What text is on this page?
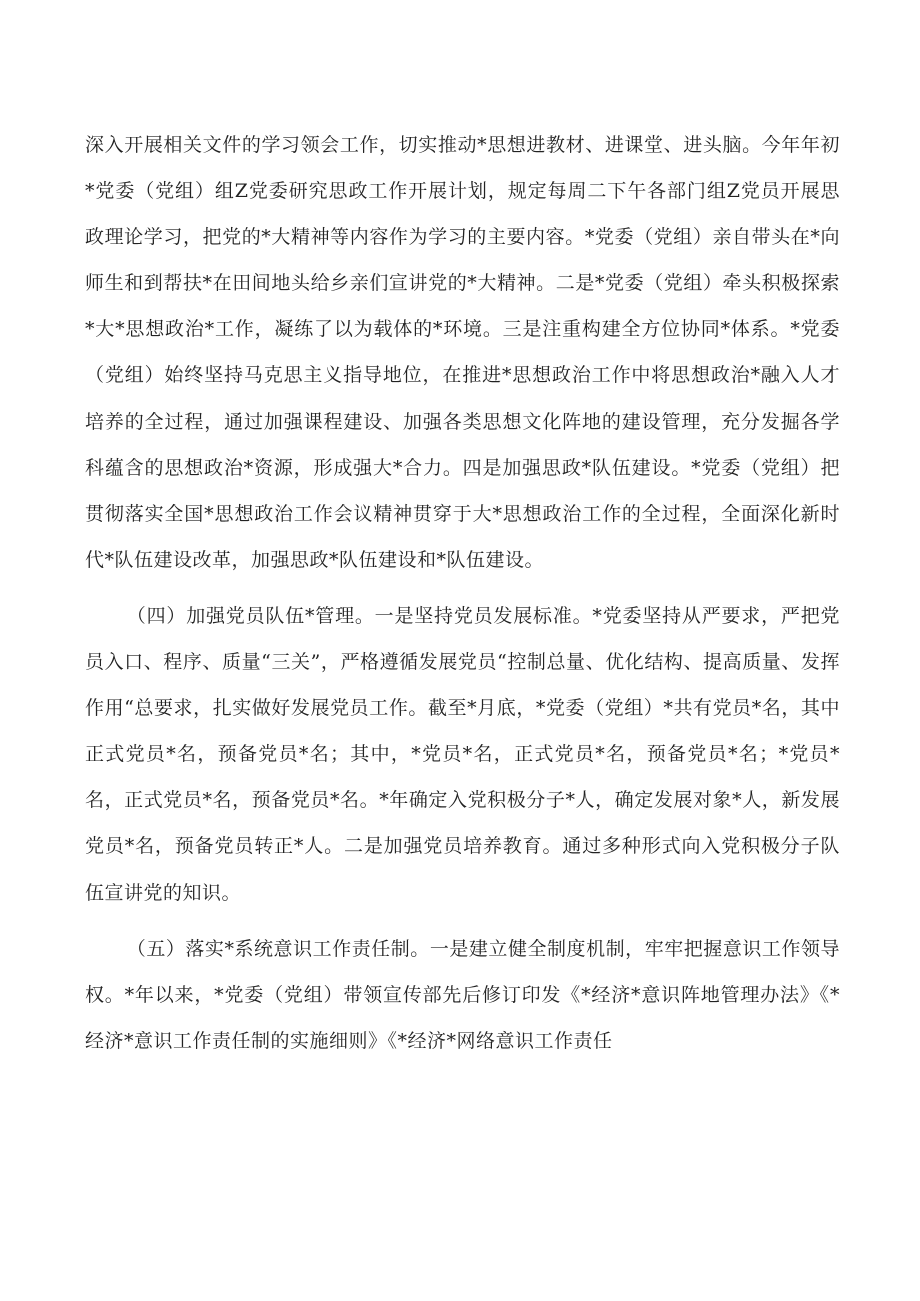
深入开展相关文件的学习领会工作，切实推动*思想进教材、进课堂、进头脑。今年年初*党委（党组）组Z党委研究思政工作开展计划，规定每周二下午各部门组Z党员开展思政理论学习，把党的*大精神等内容作为学习的主要内容。*党委（党组）亲自带头在*向师生和到帮扶*在田间地头给乡亲们宣讲党的*大精神。二是*党委（党组）牵头积极探索*大*思想政治*工作，凝练了以为载体的*环境。三是注重构建全方位协同*体系。*党委（党组）始终坚持马克思主义指导地位，在推进*思想政治工作中将思想政治*融入人才培养的全过程，通过加强课程建设、加强各类思想文化阵地的建设管理，充分发掘各学科蕴含的思想政治*资源，形成强大*合力。四是加强思政*队伍建设。*党委（党组）把贯彻落实全国*思想政治工作会议精神贯穿于大*思想政治工作的全过程，全面深化新时代*队伍建设改革，加强思政*队伍建设和*队伍建设。

（四）加强党员队伍*管理。一是坚持党员发展标准。*党委坚持从严要求，严把党员入口、程序、质量“三关”，严格遵循发展党员“控制总量、优化结构、提高质量、发挥作用“总要求，扎实做好发展党员工作。截至*月底，*党委（党组）*共有党员*名，其中正式党员*名，预备党员*名；其中，*党员*名，正式党员*名，预备党员*名；*党员*名，正式党员*名，预备党员*名。*年确定入党积极分子*人，确定发展对象*人，新发展党员*名，预备党员转正*人。二是加强党员培养教育。通过多种形式向入党积极分子队伍宣讲党的知识。

（五）落实*系统意识工作责任制。一是建立健全制度机制，牢牢把握意识工作领导权。*年以来，*党委（党组）带领宣传部先后修订印发《*经济*意识阵地管理办法》《*经济*意识工作责任制的实施细则》《*经济*网络意识工作责任
